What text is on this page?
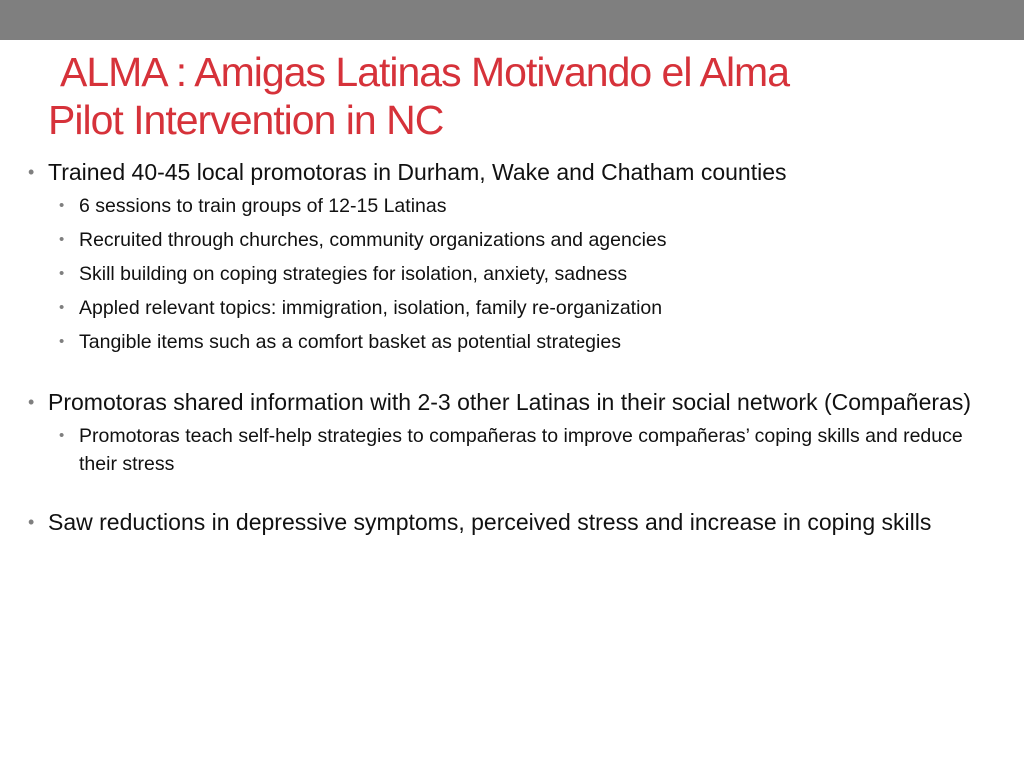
ALMA : Amigas Latinas Motivando el Alma
Pilot Intervention in NC
• Trained 40-45 local promotoras in Durham, Wake and Chatham counties
• 6 sessions to train groups of 12-15 Latinas
• Recruited through churches, community organizations and agencies
• Skill building on coping strategies for isolation, anxiety, sadness
• Appled relevant topics: immigration, isolation, family re-organization
• Tangible items such as a comfort basket as potential strategies
• Promotoras shared information with 2-3 other Latinas in their social network (Compañeras)
• Promotoras teach self-help strategies to compañeras to improve compañeras’ coping skills and reduce their stress
• Saw reductions in depressive symptoms, perceived stress and increase in coping skills
